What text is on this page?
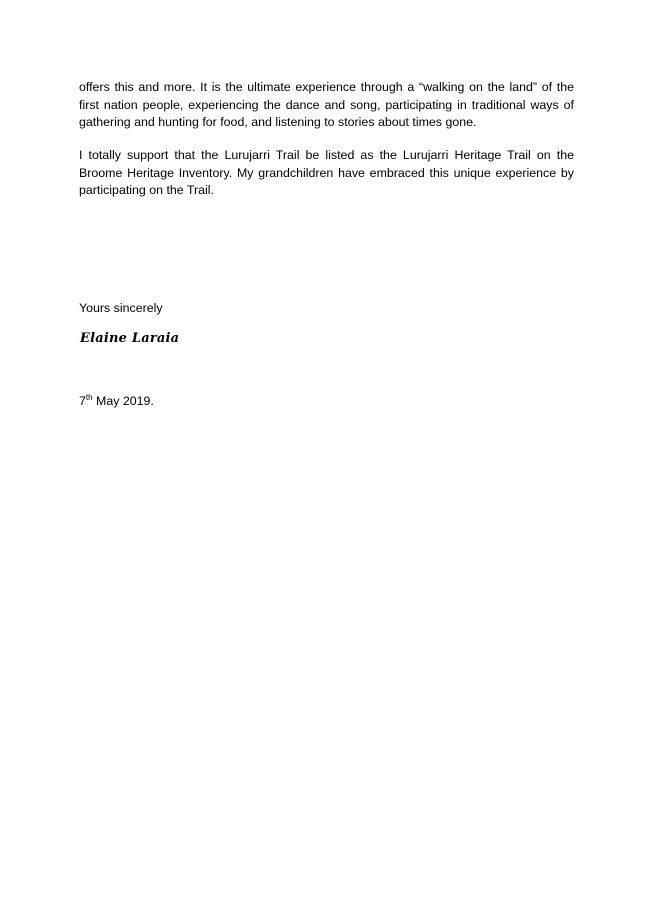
offers this and more. It is the ultimate experience through a “walking on the land” of the first nation people, experiencing the dance and song, participating in traditional ways of gathering and hunting for food, and listening to stories about times gone.

I totally support that the Lurujarri Trail be listed as the Lurujarri Heritage Trail on the Broome Heritage Inventory. My grandchildren have embraced this unique experience by participating on the Trail.

Yours sincerely

Elaine Laraia

7th May 2019.
